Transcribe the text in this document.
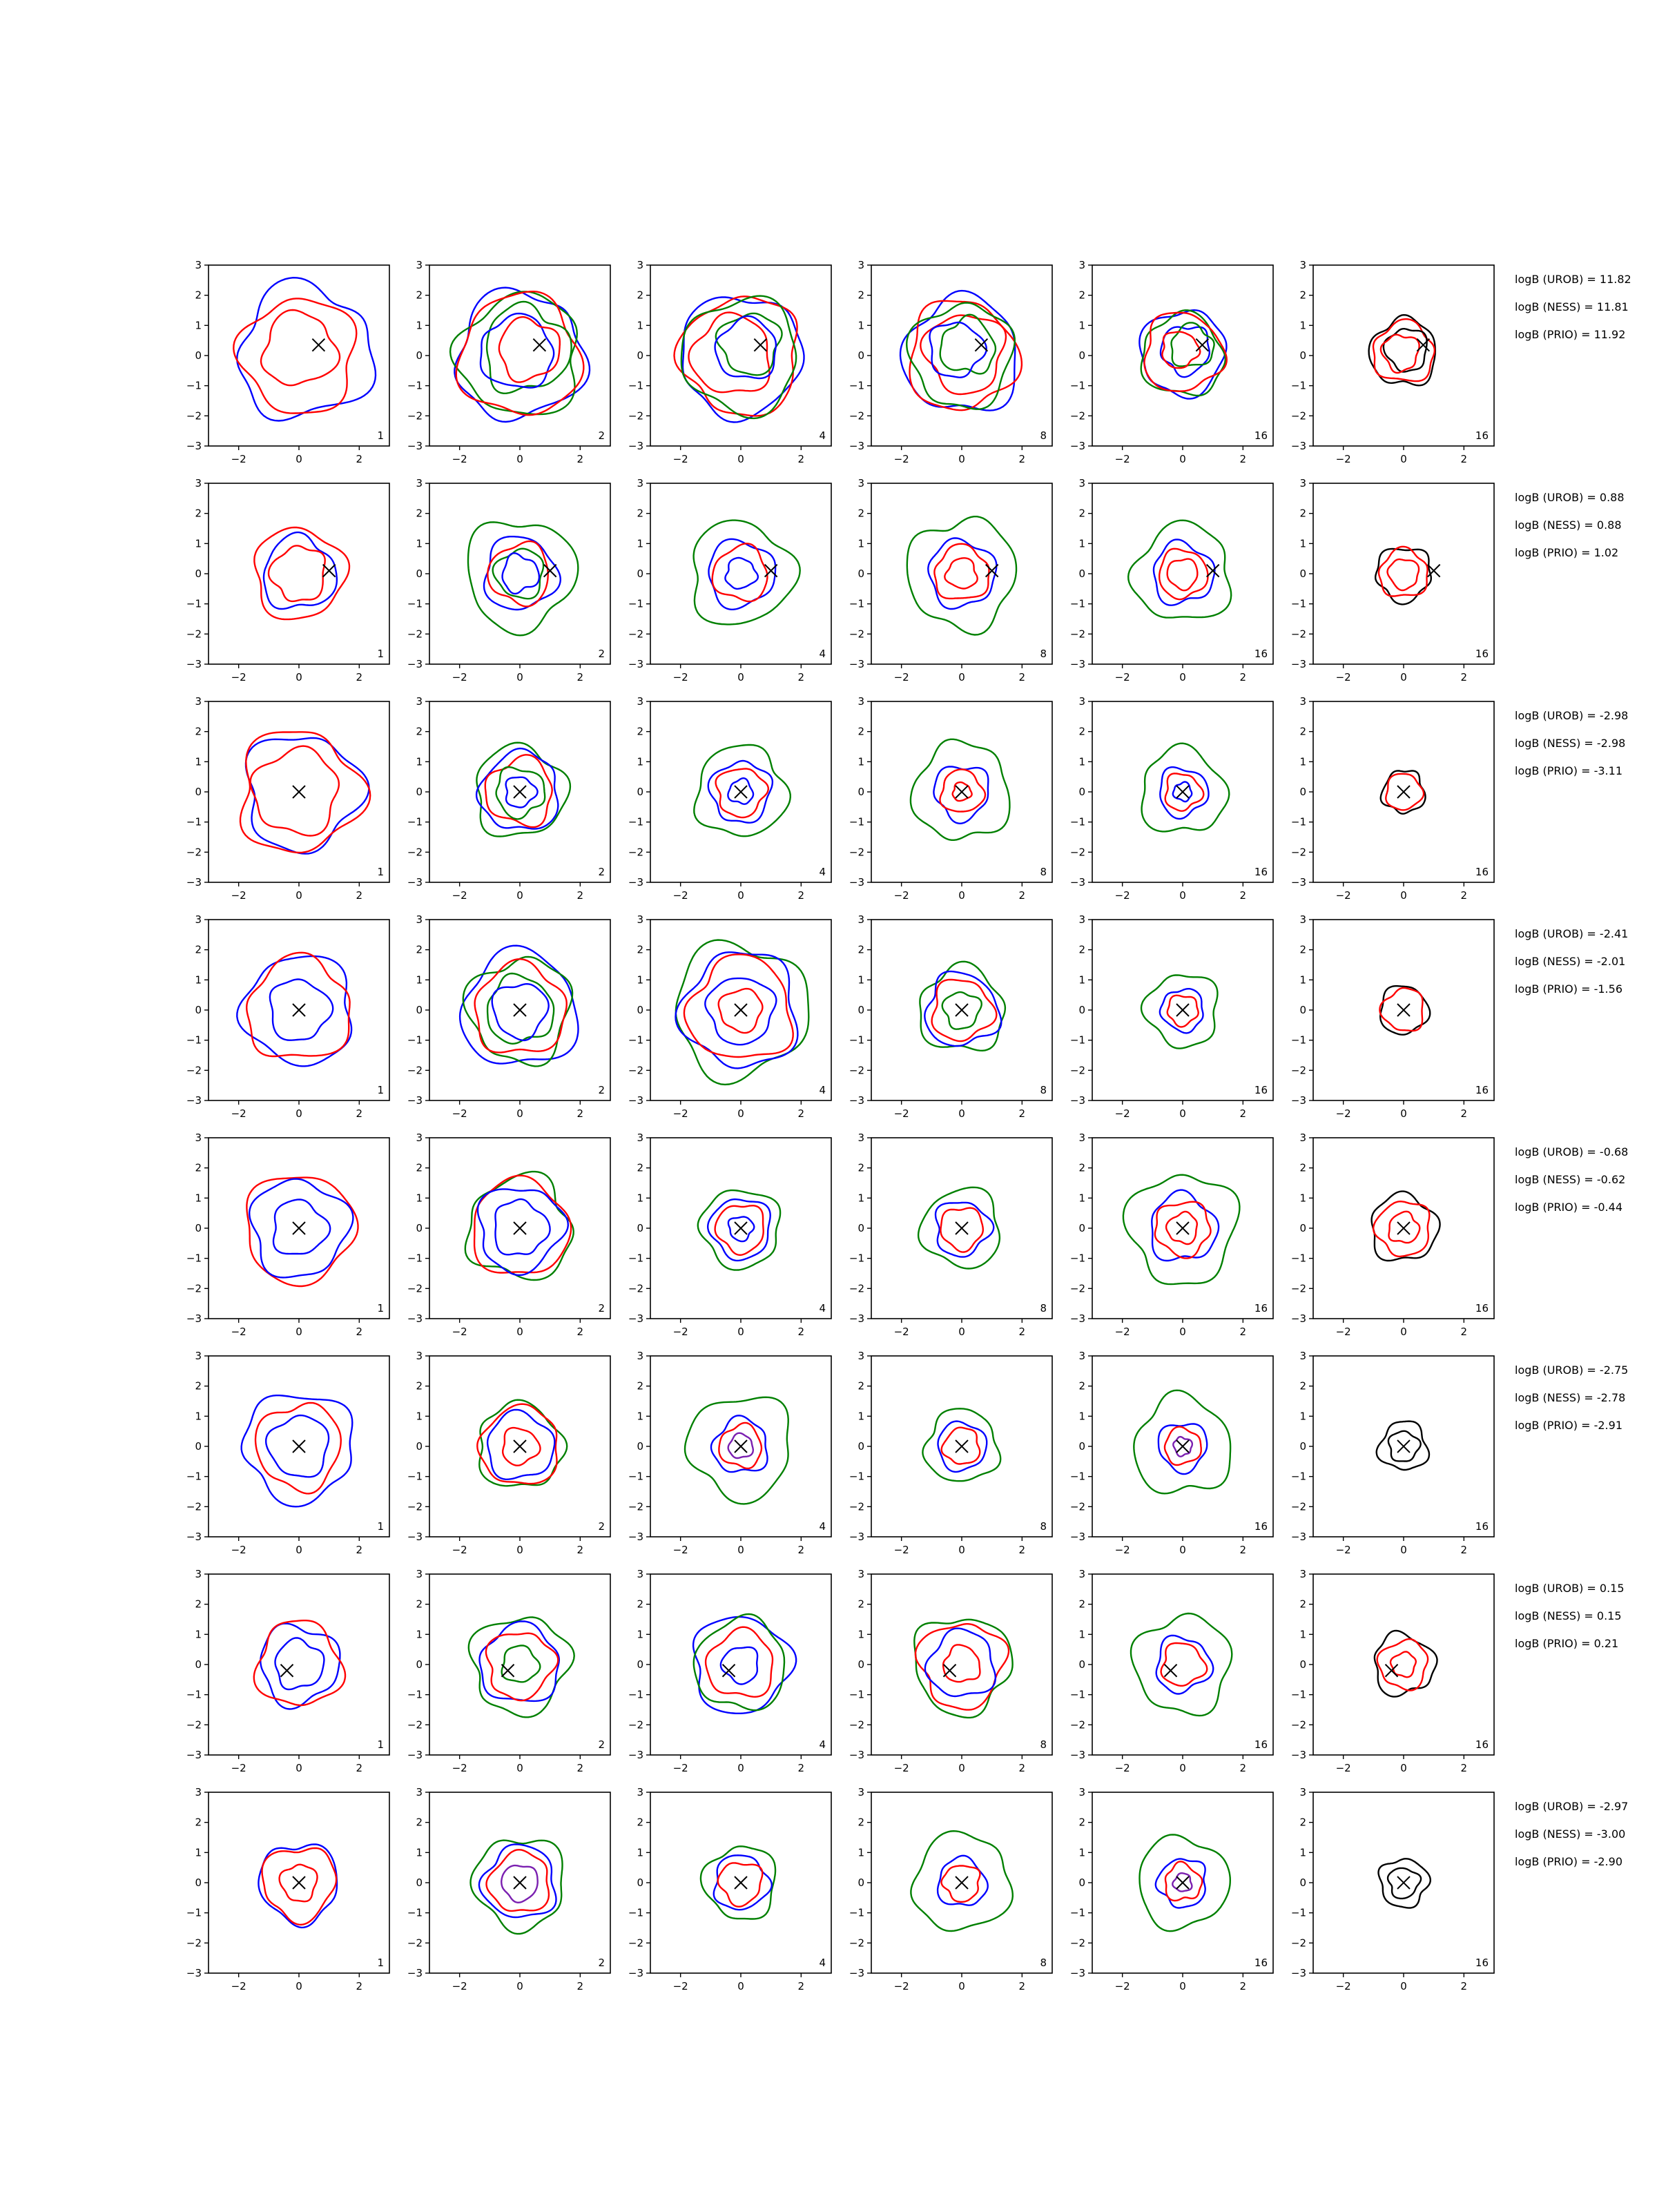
−3
−2
−1
0
1
2
3
−2	0	2
1
−3
−2
−1
0
1
2
3
−2	0	2
2
−3
−2
−1
0
1
2
3
−2	0	2
4
−3
−2
−1
0
1
2
3
−2	0	2
8
−3
−2
−1
0
1
2
3
−2	0	2
16
−3
−2
−1
0
1
2
3
−2	0	2
16
logB (UROB) = 11.82
logB (NESS) = 11.81
logB (PRIO) = 11.92
−3
−2
−1
0
1
2
3
−2	0	2
1
−3
−2
−1
0
1
2
3
−2	0	2
2
−3
−2
−1
0
1
2
3
−2	0	2
4
−3
−2
−1
0
1
2
3
−2	0	2
8
−3
−2
−1
0
1
2
3
−2	0	2
16
−3
−2
−1
0
1
2
3
−2	0	2
16
logB (UROB) = 0.88
logB (NESS) = 0.88
logB (PRIO) = 1.02
−3
−2
−1
0
1
2
3
−2	0	2
1
−3
−2
−1
0
1
2
3
−2	0	2
2
−3
−2
−1
0
1
2
3
−2	0	2
4
−3
−2
−1
0
1
2
3
−2	0	2
8
−3
−2
−1
0
1
2
3
−2	0	2
16
−3
−2
−1
0
1
2
3
−2	0	2
16
logB (UROB) = -2.98
logB (NESS) = -2.98
logB (PRIO) = -3.11
−3
−2
−1
0
1
2
3
−2	0	2
1
−3
−2
−1
0
1
2
3
−2	0	2
2
−3
−2
−1
0
1
2
3
−2	0	2
4
−3
−2
−1
0
1
2
3
−2	0	2
8
−3
−2
−1
0
1
2
3
−2	0	2
16
−3
−2
−1
0
1
2
3
−2	0	2
16
logB (UROB) = -2.41
logB (NESS) = -2.01
logB (PRIO) = -1.56
−3
−2
−1
0
1
2
3
−2	0	2
1
−3
−2
−1
0
1
2
3
−2	0	2
2
−3
−2
−1
0
1
2
3
−2	0	2
4
−3
−2
−1
0
1
2
3
−2	0	2
8
−3
−2
−1
0
1
2
3
−2	0	2
16
−3
−2
−1
0
1
2
3
−2	0	2
16
logB (UROB) = -0.68
logB (NESS) = -0.62
logB (PRIO) = -0.44
−3
−2
−1
0
1
2
3
−2	0	2
1
−3
−2
−1
0
1
2
3
−2	0	2
2
−3
−2
−1
0
1
2
3
−2	0	2
4
−3
−2
−1
0
1
2
3
−2	0	2
8
−3
−2
−1
0
1
2
3
−2	0	2
16
−3
−2
−1
0
1
2
3
−2	0	2
16
logB (UROB) = -2.75
logB (NESS) = -2.78
logB (PRIO) = -2.91
−3
−2
−1
0
1
2
3
−2	0	2
1
−3
−2
−1
0
1
2
3
−2	0	2
2
−3
−2
−1
0
1
2
3
−2	0	2
4
−3
−2
−1
0
1
2
3
−2	0	2
8
−3
−2
−1
0
1
2
3
−2	0	2
16
−3
−2
−1
0
1
2
3
−2	0	2
16
logB (UROB) = 0.15
logB (NESS) = 0.15
logB (PRIO) = 0.21
−3
−2
−1
0
1
2
3
−2	0	2
1
−3
−2
−1
0
1
2
3
−2	0	2
2
−3
−2
−1
0
1
2
3
−2	0	2
4
−3
−2
−1
0
1
2
3
−2	0	2
8
−3
−2
−1
0
1
2
3
−2	0	2
16
−3
−2
−1
0
1
2
3
−2	0	2
16
logB (UROB) = -2.97
logB (NESS) = -3.00
logB (PRIO) = -2.90
